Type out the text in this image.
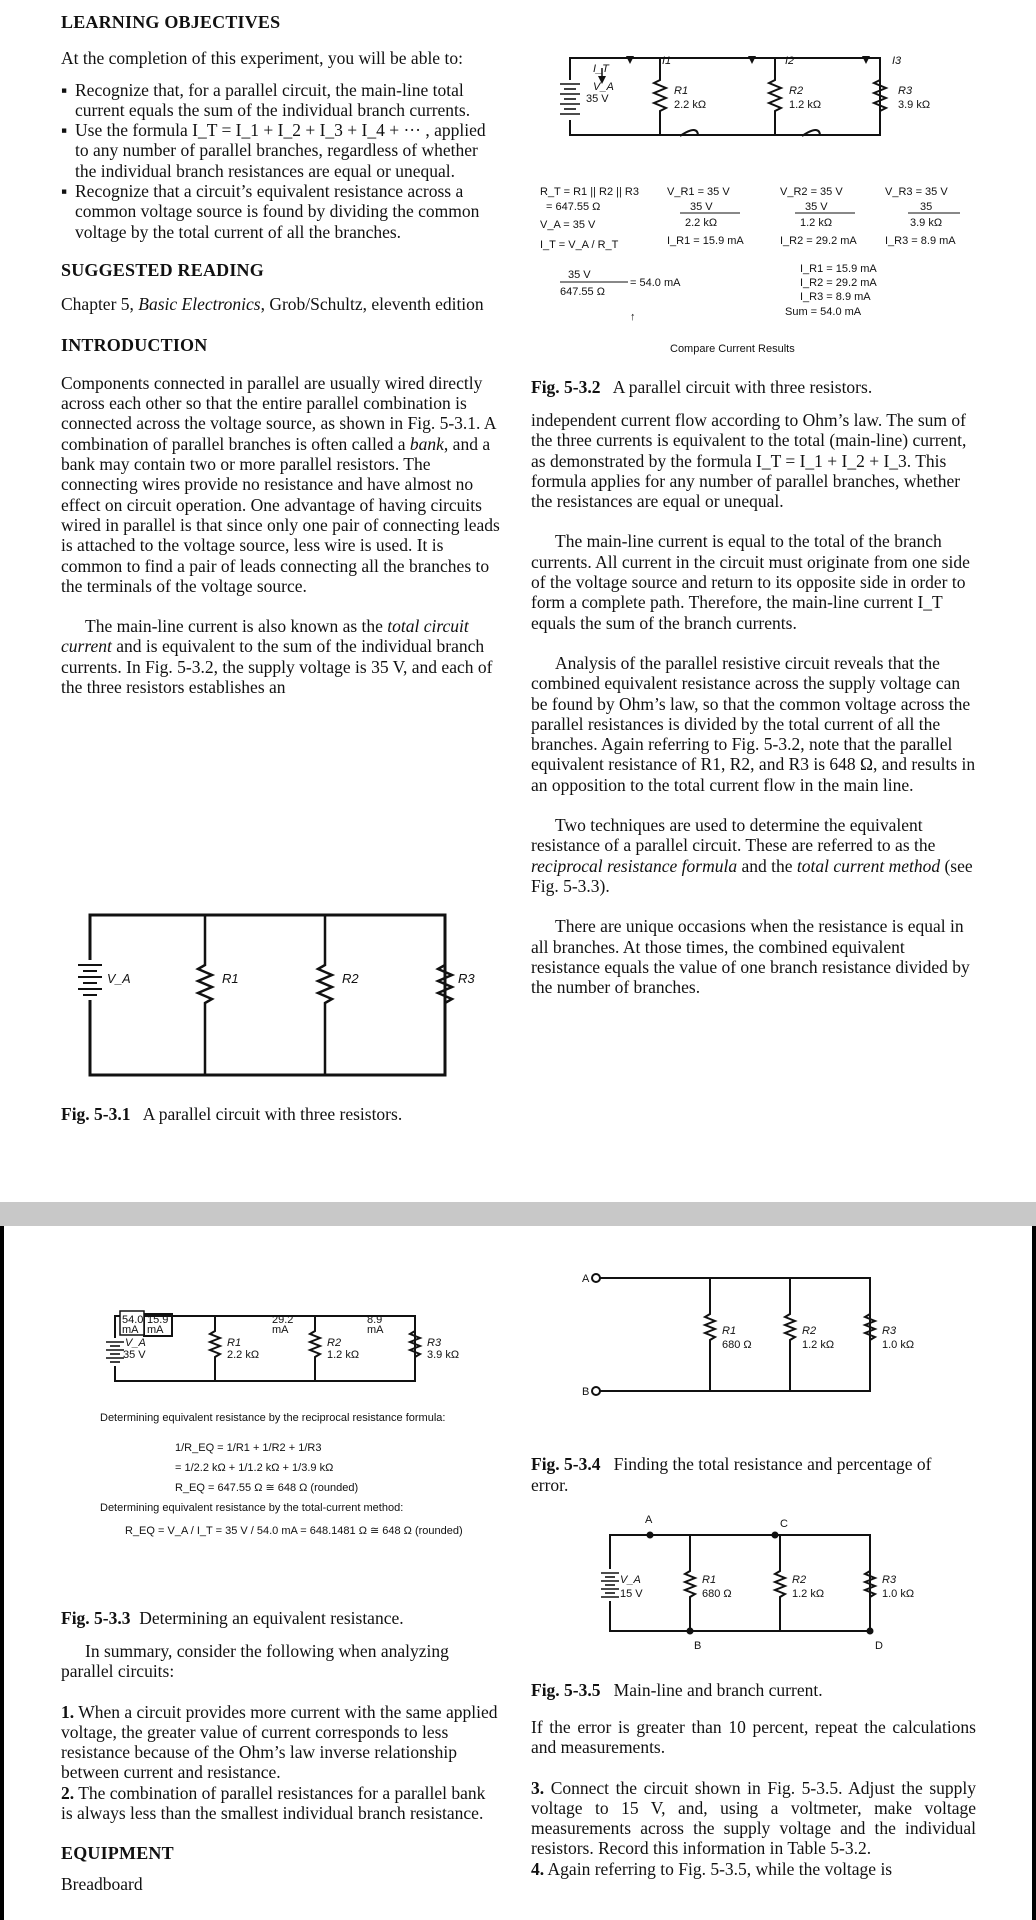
LEARNING OBJECTIVES

At the completion of this experiment, you will be able to:

▪ Recognize that, for a parallel circuit, the main-line total current equals the sum of the individual branch currents.
▪ Use the formula I_T = I_1 + I_2 + I_3 + I_4 + ··· , applied to any number of parallel branches, regardless of whether the individual branch resistances are equal or unequal.
▪ Recognize that a circuit’s equivalent resistance across a common voltage source is found by dividing the common voltage by the total current of all the branches.
SUGGESTED READING

Chapter 5, Basic Electronics, Grob/Schultz, eleventh edition

INTRODUCTION

Components connected in parallel are usually wired directly across each other so that the entire parallel combination is connected across the voltage source, as shown in Fig. 5-3.1. A combination of parallel branches is often called a bank, and a bank may contain two or more parallel resistors. The connecting wires provide no resistance and have almost no effect on circuit operation. One advantage of having circuits wired in parallel is that since only one pair of connecting leads is attached to the voltage source, less wire is used. It is common to find a pair of leads connecting all the branches to the terminals of the voltage source.

The main-line current is also known as the total circuit current and is equivalent to the sum of the individual branch currents. In Fig. 5-3.2, the supply voltage is 35 V, and each of the three resistors establishes an

V_A	R1	R2	R3
Fig. 5-3.1 A parallel circuit with three resistors.
I_T
V_A
35 V
I1	I2	I3
R1
2.2 kΩ
R2
1.2 kΩ
R3
3.9 kΩ
R_T = R1 || R2 || R3
= 647.55 Ω
V_A = 35 V
I_T = V_A / R_T
35 V
647.55 Ω
= 54.0 mA
↑
V_R1 = 35 V
35 V
2.2 kΩ
I_R1 = 15.9 mA
V_R2 = 35 V
35 V
1.2 kΩ
I_R2 = 29.2 mA
V_R3 = 35 V
35
3.9 kΩ
I_R3 = 8.9 mA
I_R1 = 15.9 mA
I_R2 = 29.2 mA
I_R3 = 8.9 mA
Sum = 54.0 mA
Compare Current Results
Fig. 5-3.2 A parallel circuit with three resistors.

independent current flow according to Ohm’s law. The sum of the three currents is equivalent to the total (main-line) current, as demonstrated by the formula I_T = I_1 + I_2 + I_3. This formula applies for any number of parallel branches, whether the resistances are equal or unequal.

The main-line current is equal to the total of the branch currents. All current in the circuit must originate from one side of the voltage source and return to its opposite side in order to form a complete path. Therefore, the main-line current I_T equals the sum of the branch currents.

Analysis of the parallel resistive circuit reveals that the combined equivalent resistance across the supply voltage can be found by Ohm’s law, so that the common voltage across the parallel resistances is divided by the total current of all the branches. Again referring to Fig. 5-3.2, note that the parallel equivalent resistance of R1, R2, and R3 is 648 Ω, and results in an opposition to the total current flow in the main line.

Two techniques are used to determine the equivalent resistance of a parallel circuit. These are referred to as the reciprocal resistance formula and the total current method (see Fig. 5-3.3).

There are unique occasions when the resistance is equal in all branches. At those times, the combined equivalent resistance equals the value of one branch resistance divided by the number of branches.

54.0
mA
15.9
mA
29.2
mA
8.9
mA
V_A
35 V
R1
2.2 kΩ
R2
1.2 kΩ
R3
3.9 kΩ
Determining equivalent resistance by the reciprocal resistance formula:
1/R_EQ = 1/R1 + 1/R2 + 1/R3
= 1/2.2 kΩ + 1/1.2 kΩ + 1/3.9 kΩ
R_EQ = 647.55 Ω ≅ 648 Ω (rounded)
Determining equivalent resistance by the total-current method:
R_EQ = V_A / I_T = 35 V / 54.0 mA = 648.1481 Ω ≅ 648 Ω (rounded)
Fig. 5-3.3 Determining an equivalent resistance.

In summary, consider the following when analyzing parallel circuits:

1. When a circuit provides more current with the same applied voltage, the greater value of current corresponds to less resistance because of the Ohm’s law inverse relationship between current and resistance.

2. The combination of parallel resistances for a parallel bank is always less than the smallest individual branch resistance.

EQUIPMENT

Breadboard

A
B
R1
680 Ω
R2
1.2 kΩ
R3
1.0 kΩ
Fig. 5-3.4 Finding the total resistance and percentage of error.
A
B
C
D
V_A
15 V
R1
680 Ω
R2
1.2 kΩ
R3
1.0 kΩ
Fig. 5-3.5 Main-line and branch current.

If the error is greater than 10 percent, repeat the calculations and measurements.

3. Connect the circuit shown in Fig. 5-3.5. Adjust the supply voltage to 15 V, and, using a voltmeter, make voltage measurements across the supply voltage and the individual resistors. Record this information in Table 5-3.2.

4. Again referring to Fig. 5-3.5, while the voltage is
